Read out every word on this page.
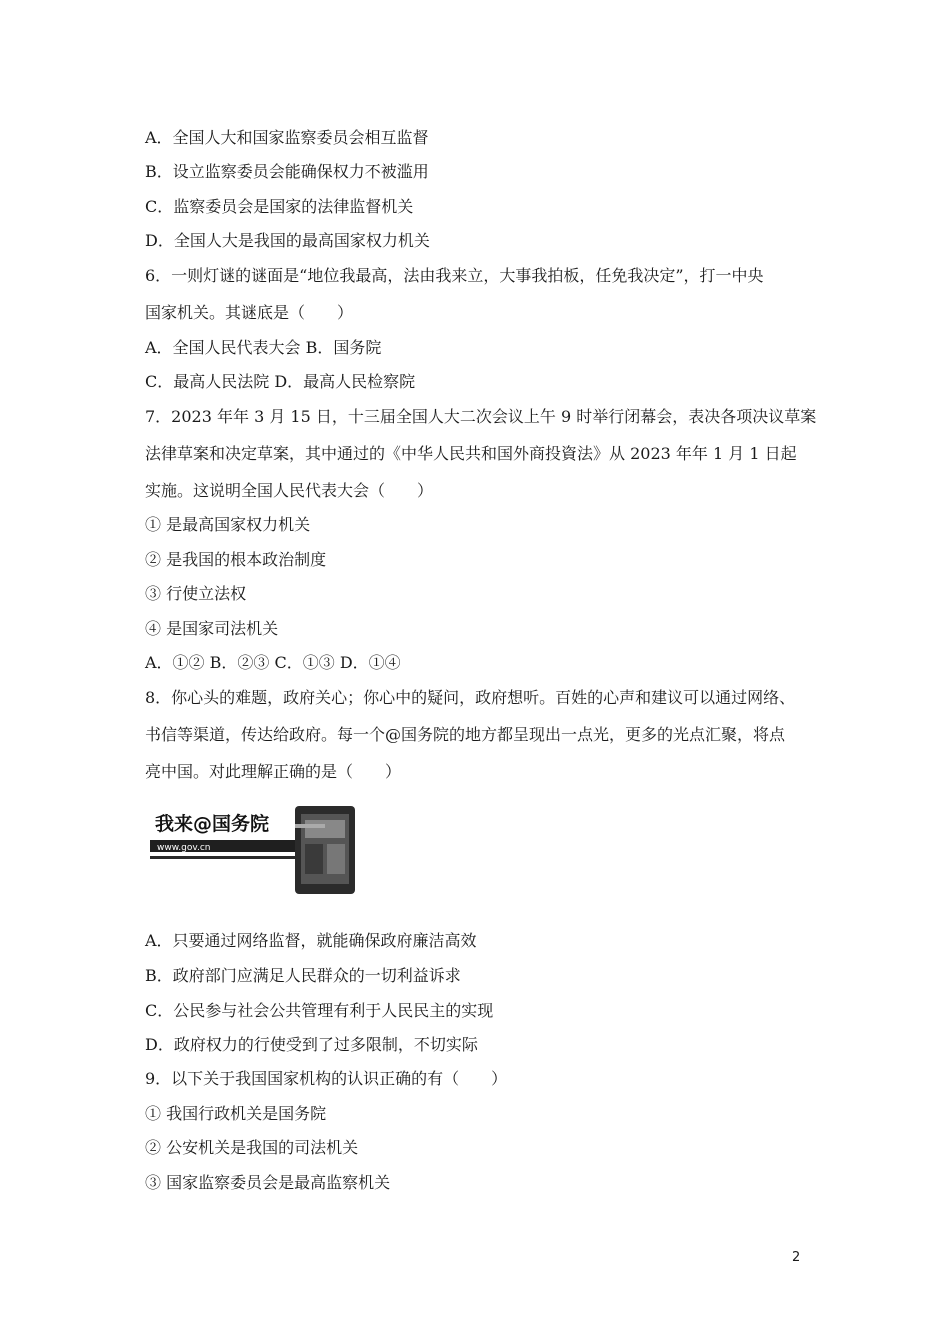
A．全国人大和国家监察委员会相互监督
B．设立监察委员会能确保权力不被滥用
C．监察委员会是国家的法律监督机关
D．全国人大是我国的最高国家权力机关
6．一则灯谜的谜面是“地位我最高，法由我来立，大事我拍板，任免我决定”，打一中央
国家机关。其谜底是（　　）
A．全国人民代表大会 B．国务院
C．最高人民法院 D．最高人民检察院
7．2023 年年 3 月 15 日，十三届全国人大二次会议上午 9 时举行闭幕会，表决各项决议草案
法律草案和决定草案，其中通过的《中华人民共和国外商投資法》从 2023 年年 1 月 1 日起
实施。这说明全国人民代表大会（　　）
① 是最高国家权力机关
② 是我国的根本政治制度
③ 行使立法权
④ 是国家司法机关
A．①② B．②③ C．①③ D．①④
8．你心头的难题，政府关心；你心中的疑问，政府想听。百姓的心声和建议可以通过网络、
书信等渠道，传达给政府。每一个@国务院的地方都呈现出一点光，更多的光点汇聚，将点
亮中国。对此理解正确的是（　　）
我来@国务院
www.gov.cn
A．只要通过网络监督，就能确保政府廉洁高效
B．政府部门应满足人民群众的一切利益诉求
C．公民参与社会公共管理有利于人民民主的实现
D．政府权力的行使受到了过多限制，不切实际
9．以下关于我国国家机构的认识正确的有（　　）
① 我国行政机关是国务院
② 公安机关是我国的司法机关
③ 国家监察委员会是最高监察机关
2
